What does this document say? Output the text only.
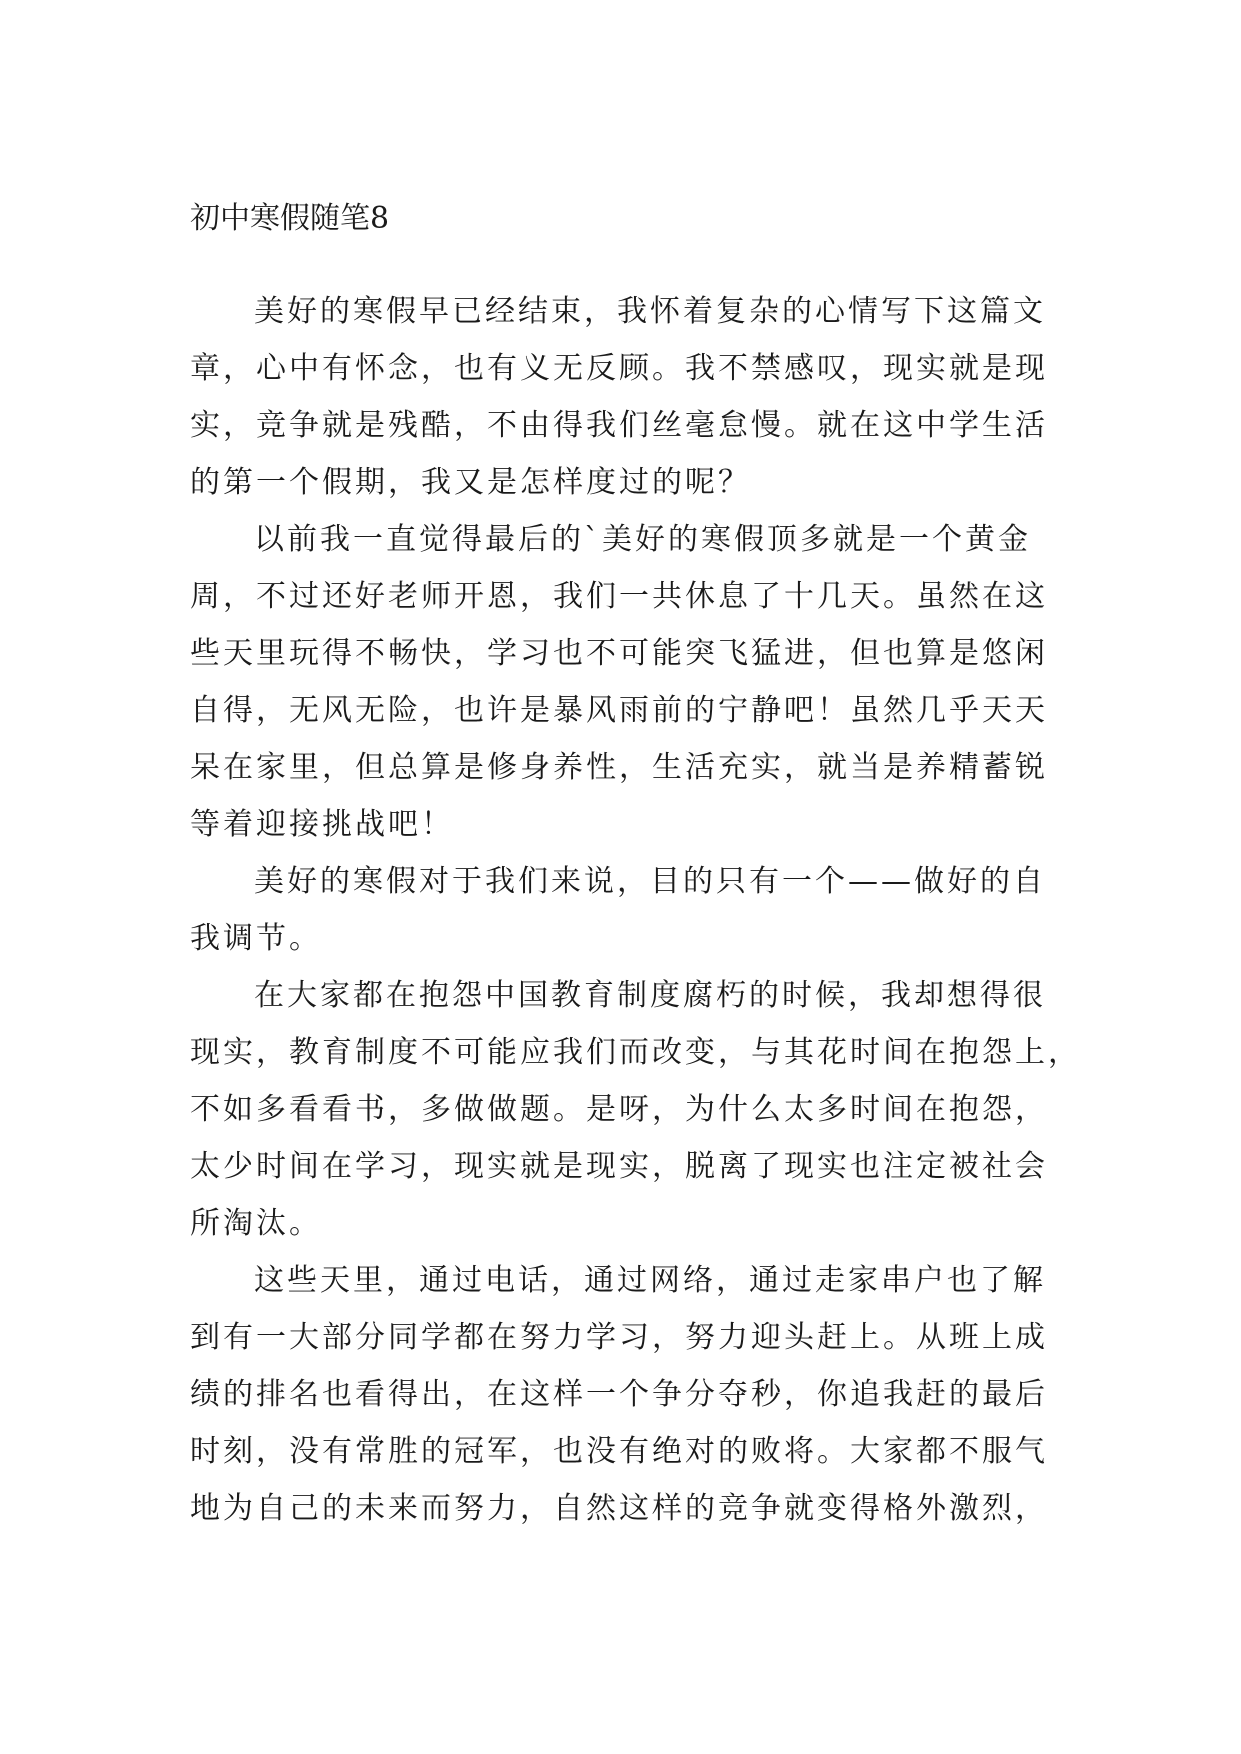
初中寒假随笔8

美好的寒假早已经结束，我怀着复杂的心情写下这篇文
章，心中有怀念，也有义无反顾。我不禁感叹，现实就是现
实，竞争就是残酷，不由得我们丝毫怠慢。就在这中学生活
的第一个假期，我又是怎样度过的呢？

以前我一直觉得最后的`美好的寒假顶多就是一个黄金
周，不过还好老师开恩，我们一共休息了十几天。虽然在这
些天里玩得不畅快，学习也不可能突飞猛进，但也算是悠闲
自得，无风无险，也许是暴风雨前的宁静吧！虽然几乎天天
呆在家里，但总算是修身养性，生活充实，就当是养精蓄锐
等着迎接挑战吧！

美好的寒假对于我们来说，目的只有一个——做好的自
我调节。

在大家都在抱怨中国教育制度腐朽的时候，我却想得很
现实，教育制度不可能应我们而改变，与其花时间在抱怨上，
不如多看看书，多做做题。是呀，为什么太多时间在抱怨，
太少时间在学习，现实就是现实，脱离了现实也注定被社会
所淘汰。

这些天里，通过电话，通过网络，通过走家串户也了解
到有一大部分同学都在努力学习，努力迎头赶上。从班上成
绩的排名也看得出，在这样一个争分夺秒，你追我赶的最后
时刻，没有常胜的冠军，也没有绝对的败将。大家都不服气
地为自己的未来而努力，自然这样的竞争就变得格外激烈，
